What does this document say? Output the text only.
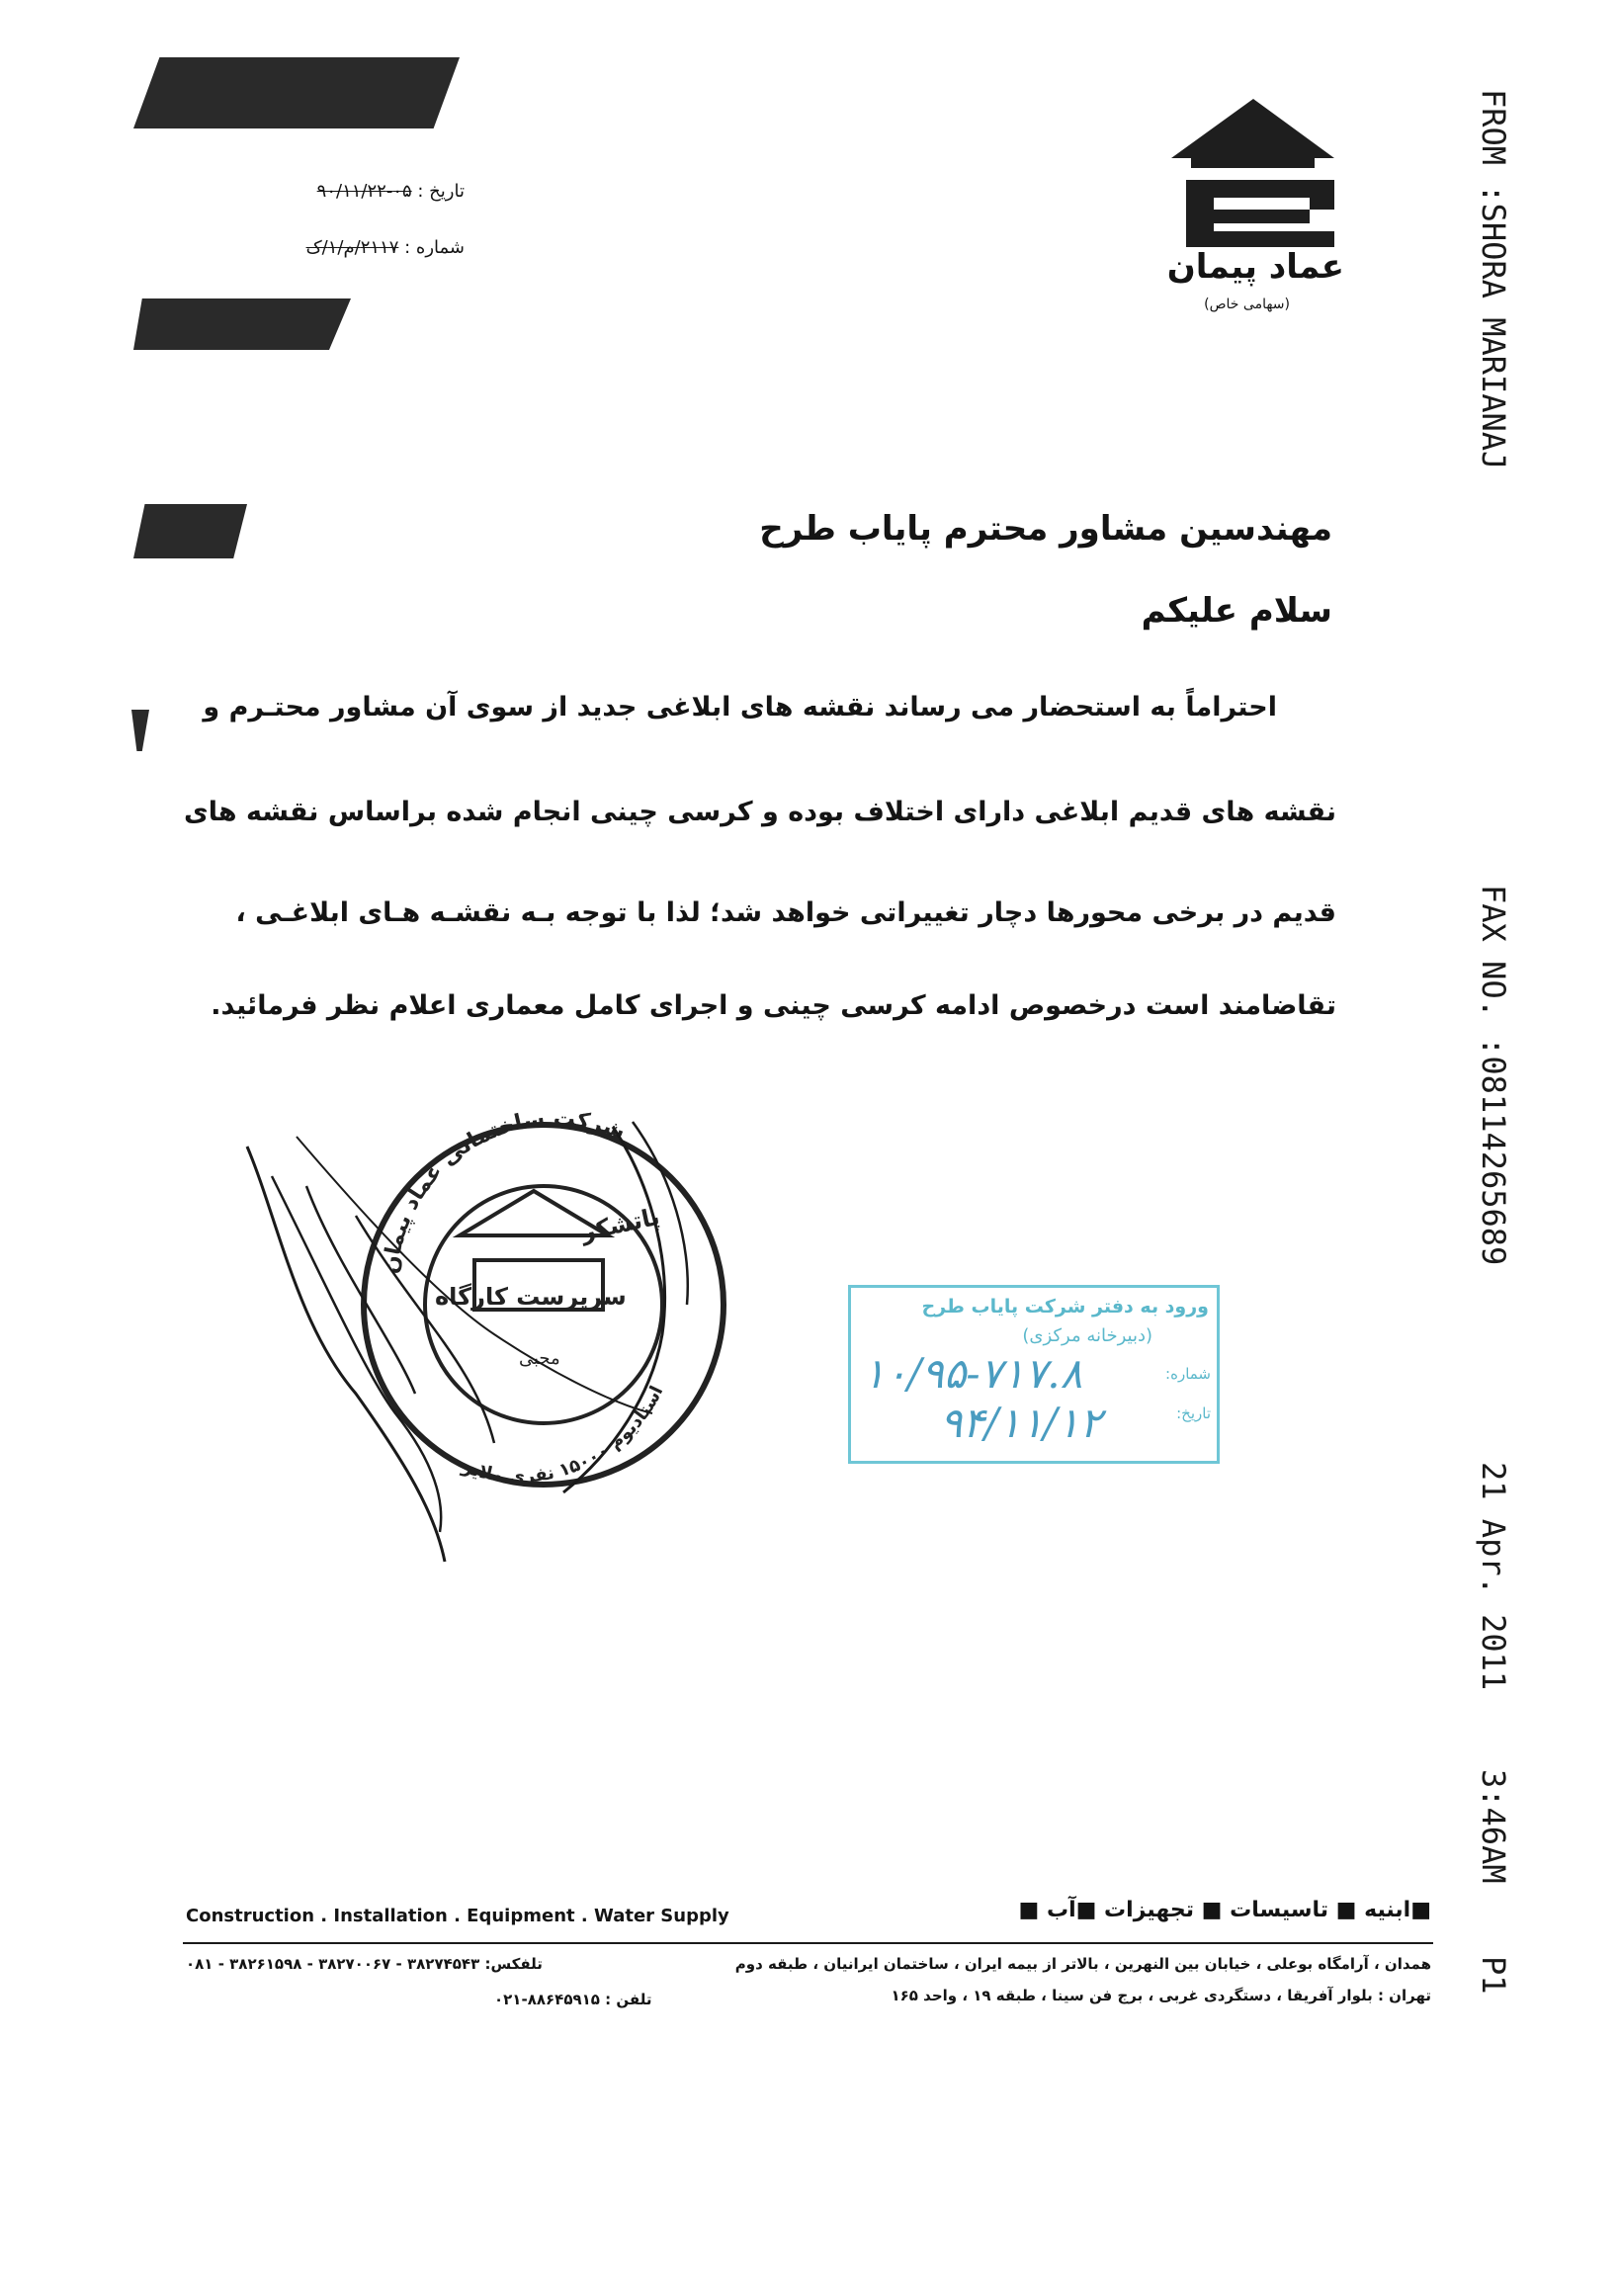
تاریخ : ۰۵-۹۰/۱۱/۲۲
شماره : ۲۱۱۷/م/۱/ک	عماد پیمان
(سهامی خاص)
مهندسین مشاور محترم پایاب طرح
سلام علیکم
احتراماً به استحضار می رساند نقشه های ابلاغی جدید از سوی آن مشاور محتـرم و
نقشه های قدیم ابلاغی دارای اختلاف بوده و کرسی چینی انجام شده براساس نقشه های
قدیم در برخی محورها دچار تغییراتی خواهد شد؛ لذا با توجه بـه نقشـه هـای ابلاغـی ،
تقاضامند است درخصوص ادامه کرسی چینی و اجرای کامل معماری اعلام نظر فرمائید.
شرکت ساختمانی عماد پیمان
استادیوم ۱۵۰۰۰ نفری ملایر
پاتشکر
سرپرست کارگاه
محبی
ورود به دفتر شرکت پایاب طرح
(دبیرخانه مرکزی)
شماره:
تاریخ:
۱۰/۹۵-۷۱۷.۸
۹۴/۱۱/۱۲
FROM :SHORA MARIANAJ FAX NO. :08114265689 21 Apr. 2011 3:46AM P1
Construction . Installation . Equipment . Water Supply	■ابنیه ■ تاسیسات ■ تجهیزات ■آب ■
همدان ، آرامگاه بوعلی ، خیابان بین النهرین ، بالاتر از بیمه ایران ، ساختمان ایرانیان ، طبقه دوم
تلفکس: ۳۸۲۷۴۵۴۳ - ۳۸۲۷۰۰۶۷ - ۳۸۲۶۱۵۹۸ - ۰۸۱
تهران : بلوار آفریقا ، دستگردی غربی ، برج فن سینا ، طبقه ۱۹ ، واحد ۱۶۵
تلفن : ۸۸۶۴۵۹۱۵-۰۲۱
